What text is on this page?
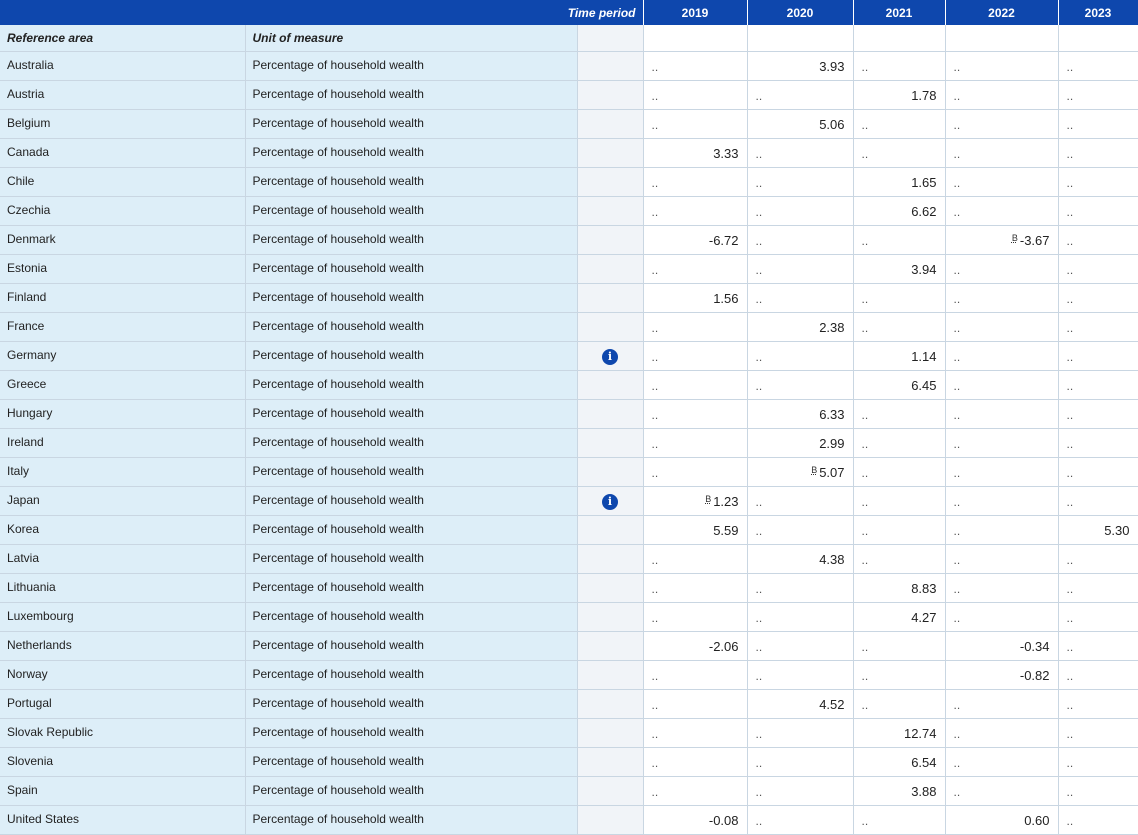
Time period			2019	2020	2021	2022	2023
Reference area	Unit of measure						
Australia	Percentage of household wealth		..	3.93	..	..	..

Austria	Percentage of household wealth		..	..	1.78	..	..

Belgium	Percentage of household wealth		..	5.06	..	..	..

Canada	Percentage of household wealth		3.33	..	..	..	..

Chile	Percentage of household wealth		..	..	1.65	..	..

Czechia	Percentage of household wealth		..	..	6.62	..	..

Denmark	Percentage of household wealth		-6.72	..	..	$^B$ -3.67	..

Estonia	Percentage of household wealth		..	..	3.94	..	..

Finland	Percentage of household wealth		1.56	..	..	..	..

France	Percentage of household wealth		..	2.38	..	..	..

Germany	Percentage of household wealth	i	..	..	1.14	..	..

Greece	Percentage of household wealth		..	..	6.45	..	..

Hungary	Percentage of household wealth		..	6.33	..	..	..

Ireland	Percentage of household wealth		..	2.99	..	..	..

Italy	Percentage of household wealth		..	$^B$ 5.07	..	..	..

Japan	Percentage of household wealth	i	$^B$ 1.23	..	..	..	..

Korea	Percentage of household wealth		5.59	..	..	..	5.30

Latvia	Percentage of household wealth		..	4.38	..	..	..

Lithuania	Percentage of household wealth		..	..	8.83	..	..

Luxembourg	Percentage of household wealth		..	..	4.27	..	..

Netherlands	Percentage of household wealth		-2.06	..	..	-0.34	..

Norway	Percentage of household wealth		..	..	..	-0.82	..

Portugal	Percentage of household wealth		..	4.52	..	..	..

Slovak Republic	Percentage of household wealth		..	..	12.74	..	..

Slovenia	Percentage of household wealth		..	..	6.54	..	..

Spain	Percentage of household wealth		..	..	3.88	..	..

United States	Percentage of household wealth		-0.08	..	..	0.60	..
